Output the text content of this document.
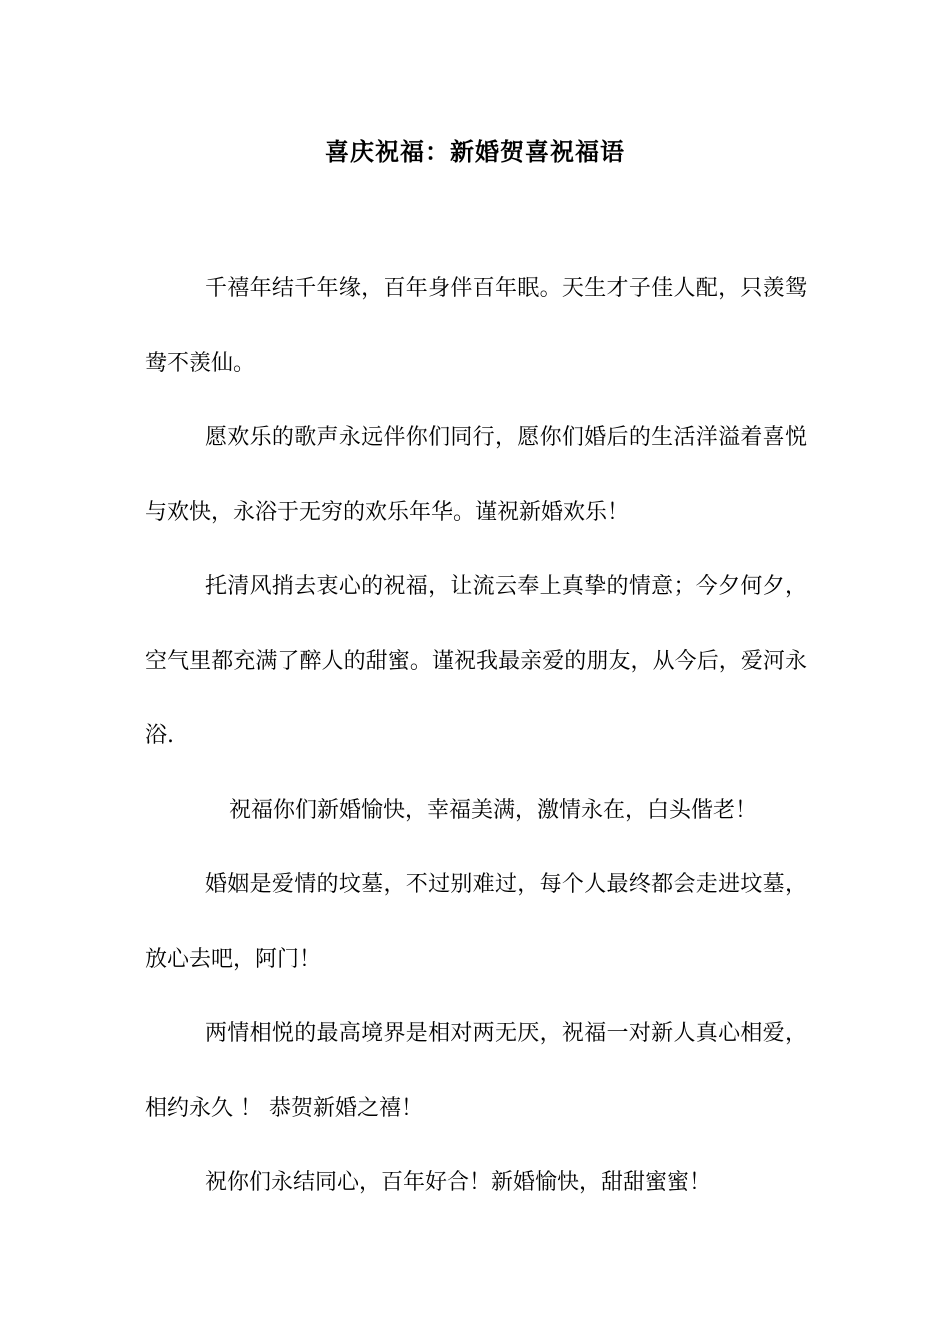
喜庆祝福：新婚贺喜祝福语

千禧年结千年缘，百年身伴百年眠。天生才子佳人配，只羡鸳鸯不羡仙。

愿欢乐的歌声永远伴你们同行，愿你们婚后的生活洋溢着喜悦与欢快，永浴于无穷的欢乐年华。谨祝新婚欢乐！

托清风捎去衷心的祝福，让流云奉上真挚的情意；今夕何夕，空气里都充满了醉人的甜蜜。谨祝我最亲爱的朋友，从今后，爱河永浴.

祝福你们新婚愉快，幸福美满，激情永在，白头偕老！

婚姻是爱情的坟墓，不过别难过，每个人最终都会走进坟墓，放心去吧，阿门！

两情相悦的最高境界是相对两无厌，祝福一对新人真心相爱，相约永久 ！ 恭贺新婚之禧！

祝你们永结同心，百年好合！新婚愉快，甜甜蜜蜜！
